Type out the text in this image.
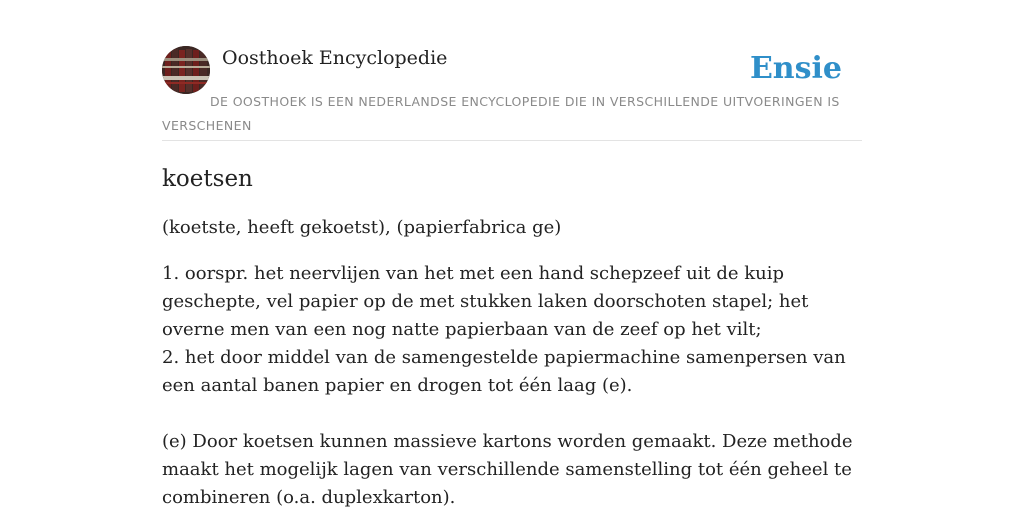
Oosthoek Encyclopedie	Ensie
DE OOSTHOEK IS EEN NEDERLANDSE ENCYCLOPEDIE DIE IN VERSCHILLENDE UITVOERINGEN IS VERSCHENEN
koetsen

(koetste, heeft gekoetst), (papierfabrica ge)

1. oorspr. het neervlijen van het met een hand schepzeef uit de kuip geschepte, vel papier op de met stukken laken doorschoten stapel; het overne men van een nog natte papierbaan van de zeef op het vilt;
2. het door middel van de samengestelde papiermachine samenpersen van een aantal banen papier en drogen tot één laag (e).

(e) Door koetsen kunnen massieve kartons worden gemaakt. Deze methode maakt het mogelijk lagen van verschillende samenstelling tot één geheel te combineren (o.a. duplexkarton).
